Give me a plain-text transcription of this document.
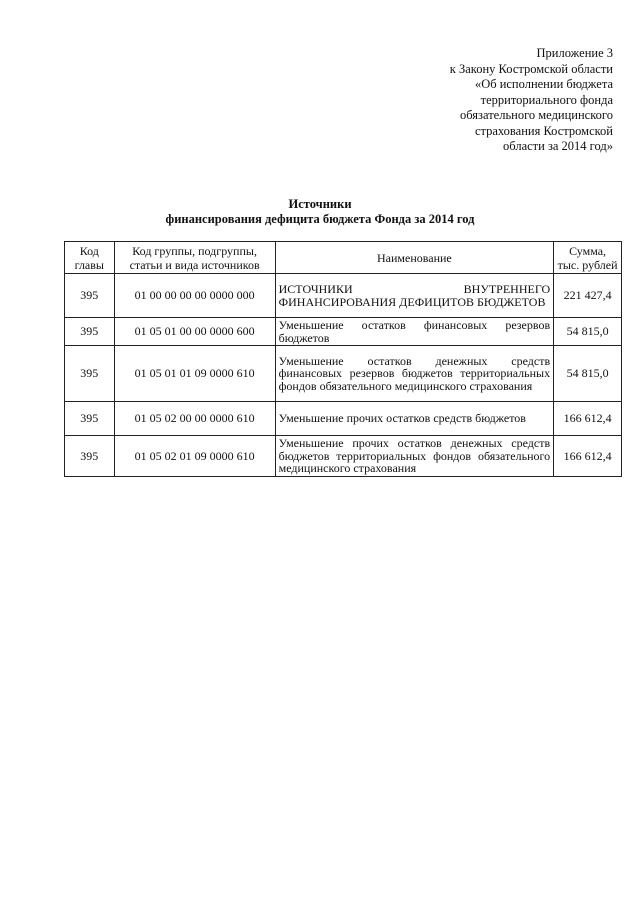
Приложение 3
к Закону Костромской области
«Об исполнении бюджета
территориального фонда
обязательного медицинского
страхования Костромской
области за 2014 год»
Источники
финансирования дефицита бюджета Фонда за 2014 год
Код главы	Код группы, подгруппы, статьи и вида источников	Наименование	Сумма, тыс. рублей
395	01 00 00 00 00 0000 000	ИСТОЧНИКИ ВНУТРЕННЕГО ФИНАНСИРОВАНИЯ ДЕФИЦИТОВ БЮДЖЕТОВ	221 427,4
395	01 05 01 00 00 0000 600	Уменьшение остатков финансовых резервов бюджетов	54 815,0
395	01 05 01 01 09 0000 610	Уменьшение остатков денежных средств финансовых резервов бюджетов территориальных фондов обязательного медицинского страхования	54 815,0
395	01 05 02 00 00 0000 610	Уменьшение прочих остатков средств бюджетов	166 612,4
395	01 05 02 01 09 0000 610	Уменьшение прочих остатков денежных средств бюджетов территориальных фондов обязательного медицинского страхования	166 612,4
